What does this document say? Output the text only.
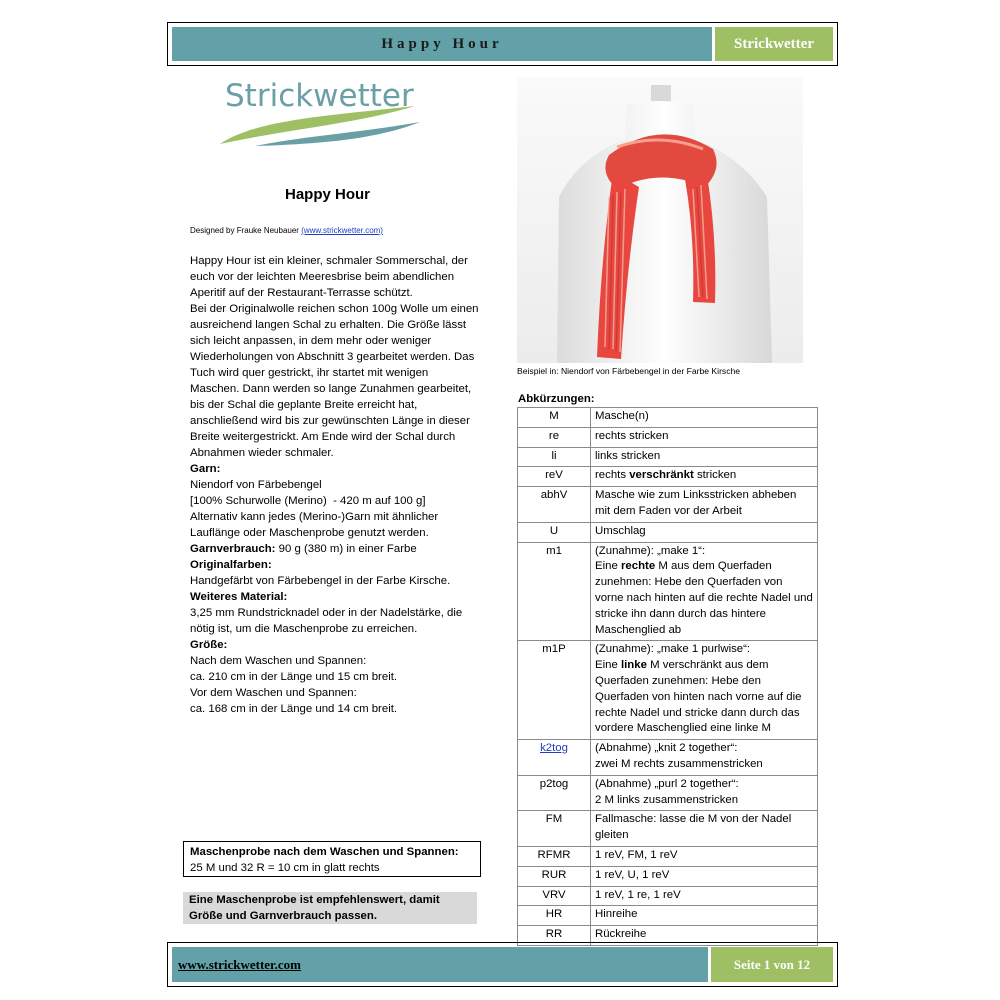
Happy Hour	Strickwetter
Strickwetter
Happy Hour
Designed by Frauke Neubauer (www.strickwetter.com)

Happy Hour ist ein kleiner, schmaler Sommerschal, der euch vor der leichten Meeresbrise beim abendlichen Aperitif auf der Restaurant-Terrasse schützt.

Bei der Originalwolle reichen schon 100g Wolle um einen ausreichend langen Schal zu erhalten. Die Größe lässt sich leicht anpassen, in dem mehr oder weniger Wiederholungen von Abschnitt 3 gearbeitet werden. Das Tuch wird quer gestrickt, ihr startet mit wenigen Maschen. Dann werden so lange Zunahmen gearbeitet, bis der Schal die geplante Breite erreicht hat, anschließend wird bis zur gewünschten Länge in dieser Breite weitergestrickt. Am Ende wird der Schal durch Abnahmen wieder schmaler.

Garn:

Niendorf von Färbebengel

[100% Schurwolle (Merino)  - 420 m auf 100 g]

Alternativ kann jedes (Merino-)Garn mit ähnlicher Lauflänge oder Maschenprobe genutzt werden.

Garnverbrauch: 90 g (380 m) in einer Farbe

Originalfarben:

Handgefärbt von Färbebengel in der Farbe Kirsche.

Weiteres Material:

3,25 mm Rundstricknadel oder in der Nadelstärke, die nötig ist, um die Maschenprobe zu erreichen.

Größe:

Nach dem Waschen und Spannen:

ca. 210 cm in der Länge und 15 cm breit.

Vor dem Waschen und Spannen:

ca. 168 cm in der Länge und 14 cm breit.

Maschenprobe nach dem Waschen und Spannen:

25 M und 32 R = 10 cm in glatt rechts

Eine Maschenprobe ist empfehlenswert, damit Größe und Garnverbrauch passen.
Beispiel in: Niendorf von Färbebengel in der Farbe Kirsche
Abkürzungen:
M	Masche(n)
re	rechts stricken
li	links stricken
reV	rechts verschränkt stricken
abhV	Masche wie zum Linksstricken abheben mit dem Faden vor der Arbeit
U	Umschlag
m1	(Zunahme): „make 1“:
Eine rechte M aus dem Querfaden zunehmen: Hebe den Querfaden von vorne nach hinten auf die rechte Nadel und stricke ihn dann durch das hintere Maschenglied ab
m1P	(Zunahme): „make 1 purlwise“:
Eine linke M verschränkt aus dem Querfaden zunehmen: Hebe den Querfaden von hinten nach vorne auf die rechte Nadel und stricke dann durch das vordere Maschenglied eine linke M
k2tog	(Abnahme) „knit 2 together“:
zwei M rechts zusammenstricken
p2tog	(Abnahme) „purl 2 together“:
2 M links zusammenstricken
FM	Fallmasche: lasse die M von der Nadel gleiten
RFMR	1 reV, FM, 1 reV
RUR	1 reV, U, 1 reV
VRV	1 reV, 1 re, 1 reV
HR	Hinreihe
RR	Rückreihe
www.strickwetter.com	Seite 1 von 12
